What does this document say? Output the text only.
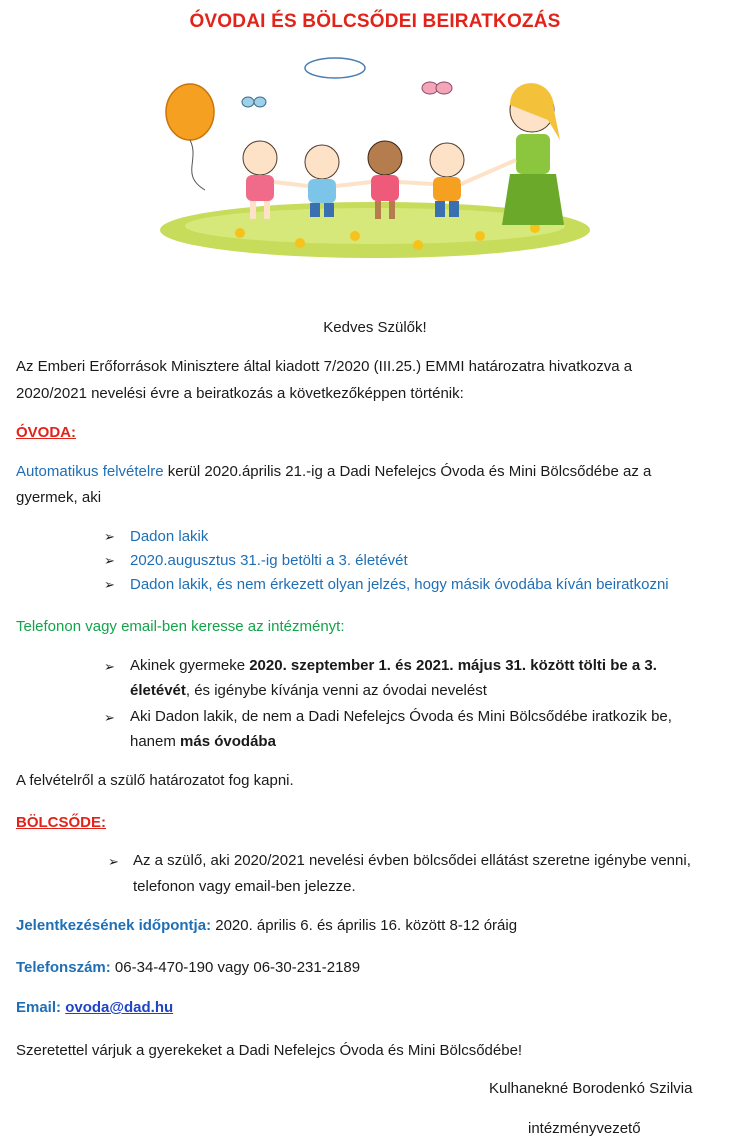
ÓVODAI ÉS BÖLCSŐDEI BEIRATKOZÁS
Kedves Szülők!
Az Emberi Erőforrások Minisztere által kiadott 7/2020 (III.25.) EMMI határozatra hivatkozva a
2020/2021 nevelési évre a beiratkozás a következőképpen történik:
ÓVODA:
Automatikus felvételre kerül 2020.április 21.-ig a Dadi Nefelejcs Óvoda és Mini Bölcsődébe az a
gyermek, aki
➢ Dadon lakik
➢ 2020.augusztus 31.-ig betölti a 3. életévét
➢ Dadon lakik, és nem érkezett olyan jelzés, hogy másik óvodába kíván beiratkozni
Telefonon vagy email-ben keresse az intézményt:
➢ Akinek gyermeke 2020. szeptember 1. és 2021. május 31. között tölti be a 3.
életévét, és igénybe kívánja venni az óvodai nevelést
➢ Aki Dadon lakik, de nem a Dadi Nefelejcs Óvoda és Mini Bölcsődébe iratkozik be,
hanem más óvodába
A felvételről a szülő határozatot fog kapni.
BÖLCSŐDE:
➢ Az a szülő, aki 2020/2021 nevelési évben bölcsődei ellátást szeretne igénybe venni,
telefonon vagy email-ben jelezze.
Jelentkezésének időpontja: 2020. április 6. és április 16. között 8-12 óráig
Telefonszám: 06-34-470-190 vagy 06-30-231-2189
Email: ovoda@dad.hu
Szeretettel várjuk a gyerekeket a Dadi Nefelejcs Óvoda és Mini Bölcsődébe!
Kulhanekné Borodenkó Szilvia
intézményvezető
